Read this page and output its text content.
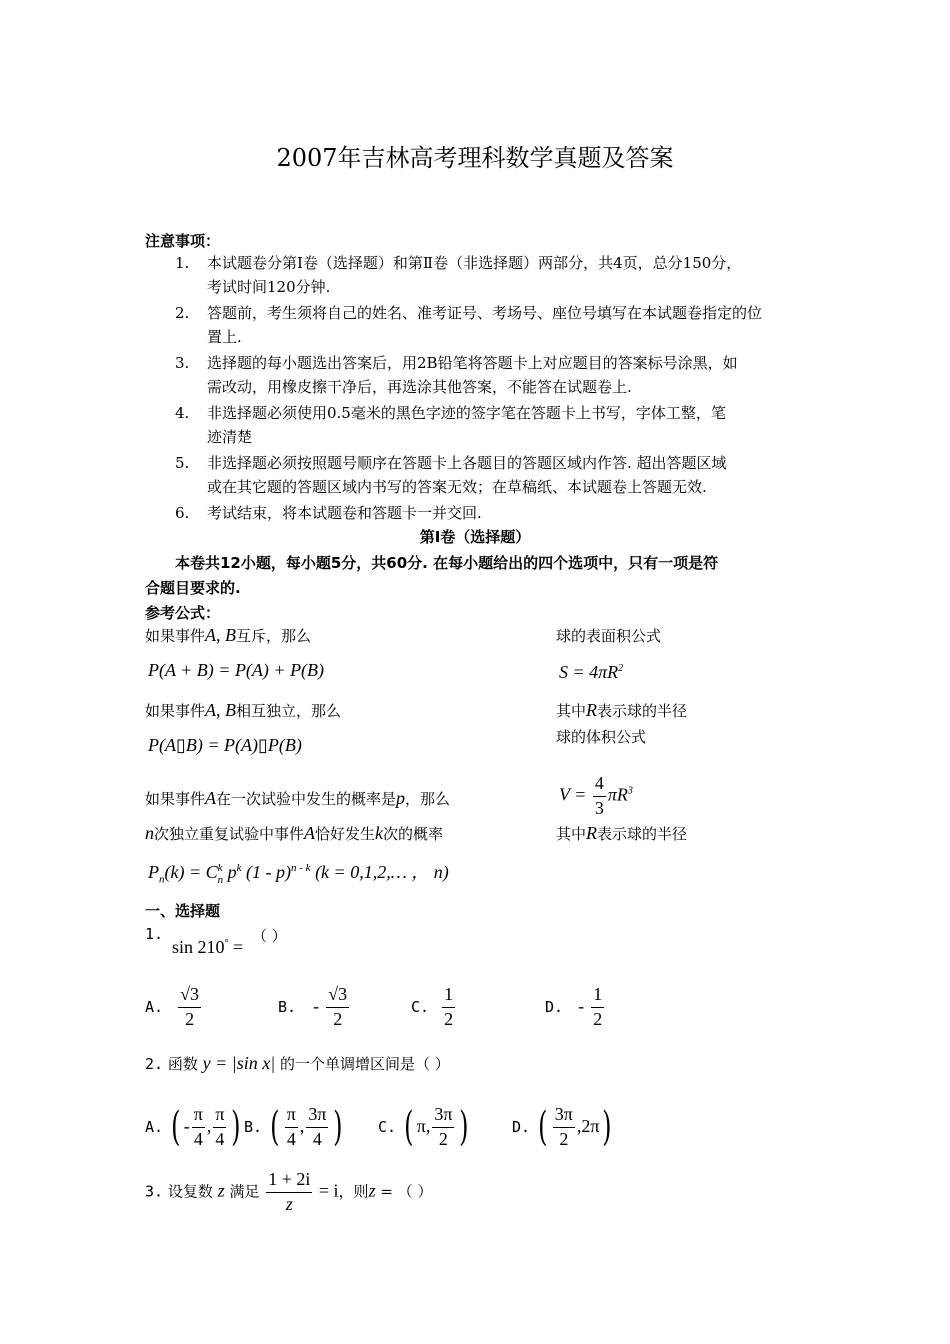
2007年吉林高考理科数学真题及答案
注意事项：
1. 本试题卷分第Ⅰ卷（选择题）和第Ⅱ卷（非选择题）两部分，共4页，总分150分，

考试时间120分钟.
2. 答题前，考生须将自己的姓名、准考证号、考场号、座位号填写在本试题卷指定的位

置上.
3. 选择题的每小题选出答案后，用2B铅笔将答题卡上对应题目的答案标号涂黑，如

需改动，用橡皮擦干净后，再选涂其他答案，不能答在试题卷上.
4. 非选择题必须使用0.5毫米的黑色字迹的签字笔在答题卡上书写，字体工整，笔

迹清楚
5. 非选择题必须按照题号顺序在答题卡上各题目的答题区域内作答. 超出答题区域

或在其它题的答题区域内书写的答案无效；在草稿纸、本试题卷上答题无效.
6. 考试结束，将本试题卷和答题卡一并交回.
第Ⅰ卷（选择题）
本卷共12小题，每小题5分，共60分. 在每小题给出的四个选项中，只有一项是符
合题目要求的.
参考公式：
如果事件A, B互斥，那么
P(A + B) = P(A) + P(B)
如果事件A, B相互独立，那么
P(A▯B) = P(A)▯P(B)
如果事件A在一次试验中发生的概率是p，那么
n次独立重复试验中事件A恰好发生k次的概率
$P_n(k) = C$ k
n $p^k$ (1 - p)$^{n - k}$ (k = 0,1,2,… ， n)
球的表面积公式
$S = 4\pi R^2$
其中R表示球的半径
球的体积公式
$V = \frac{4}{3} \pi R^3$
其中R表示球的半径
一、选择题
1.
sin 210° =
（ ）
A. $\frac{√3}{2}$	B. - $\frac{√3}{2}$	C. $\frac{1}{2}$	D. - $\frac{1}{2}$
2. 函数 y = |sin x| 的一个单调增区间是（ ）
A. ( - $\frac{\pi}{4}$ , $\frac{\pi}{4}$ ) B. ( $\frac{\pi}{4}$ , $\frac{3\pi}{4}$ ) C. ( π, $\frac{3\pi}{2}$ )	D. ( $\frac{3\pi}{2} ,2\pi$)
3. 设复数 z 满足 $\frac{1 + 2i}{z} = i$，则z = （ ）
